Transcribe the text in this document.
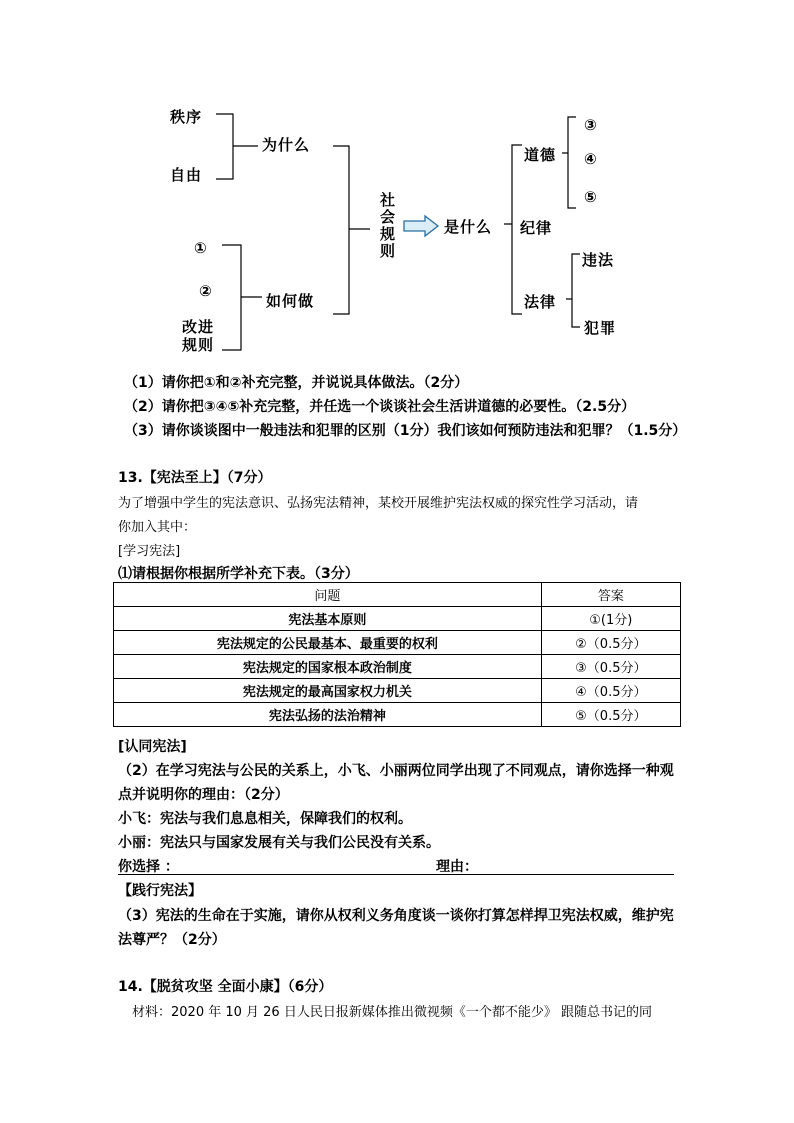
秩序
自由
为什么
①
②
改进
规则
如何做
社
会
规
则
是什么
道德
纪律
法律
③
④
⑤
违法
犯罪
（1）请你把①和②补充完整，并说说具体做法。（2分）
（2）请你把③④⑤补充完整，并任选一个谈谈社会生活讲道德的必要性。（2.5分）
（3）请你谈谈图中一般违法和犯罪的区别（1分）我们该如何预防违法和犯罪？（1.5分）
13.【宪法至上】（7分）
为了增强中学生的宪法意识、弘扬宪法精神，某校开展维护宪法权威的探究性学习活动，请
你加入其中：
[学习宪法]
⑴请根据你根据所学补充下表。（3分）
问题	答案
宪法基本原则	①(1分)
宪法规定的公民最基本、最重要的权利	②（0.5分）
宪法规定的国家根本政治制度	③（0.5分）
宪法规定的最高国家权力机关	④（0.5分）
宪法弘扬的法治精神	⑤（0.5分）
[认同宪法]
（2）在学习宪法与公民的关系上，小飞、小丽两位同学出现了不同观点，请你选择一种观
点并说明你的理由：（2分）
小飞：宪法与我们息息相关，保障我们的权利。
小丽：宪法只与国家发展有关与我们公民没有关系。
你选择 ：	理由：
【践行宪法】
（3）宪法的生命在于实施，请你从权利义务角度谈一谈你打算怎样捍卫宪法权威，维护宪
法尊严？（2分）
14.【脱贫攻坚 全面小康】（6分）
材料：2020 年 10 月 26 日人民日报新媒体推出微视频《一个都不能少》 跟随总书记的同
